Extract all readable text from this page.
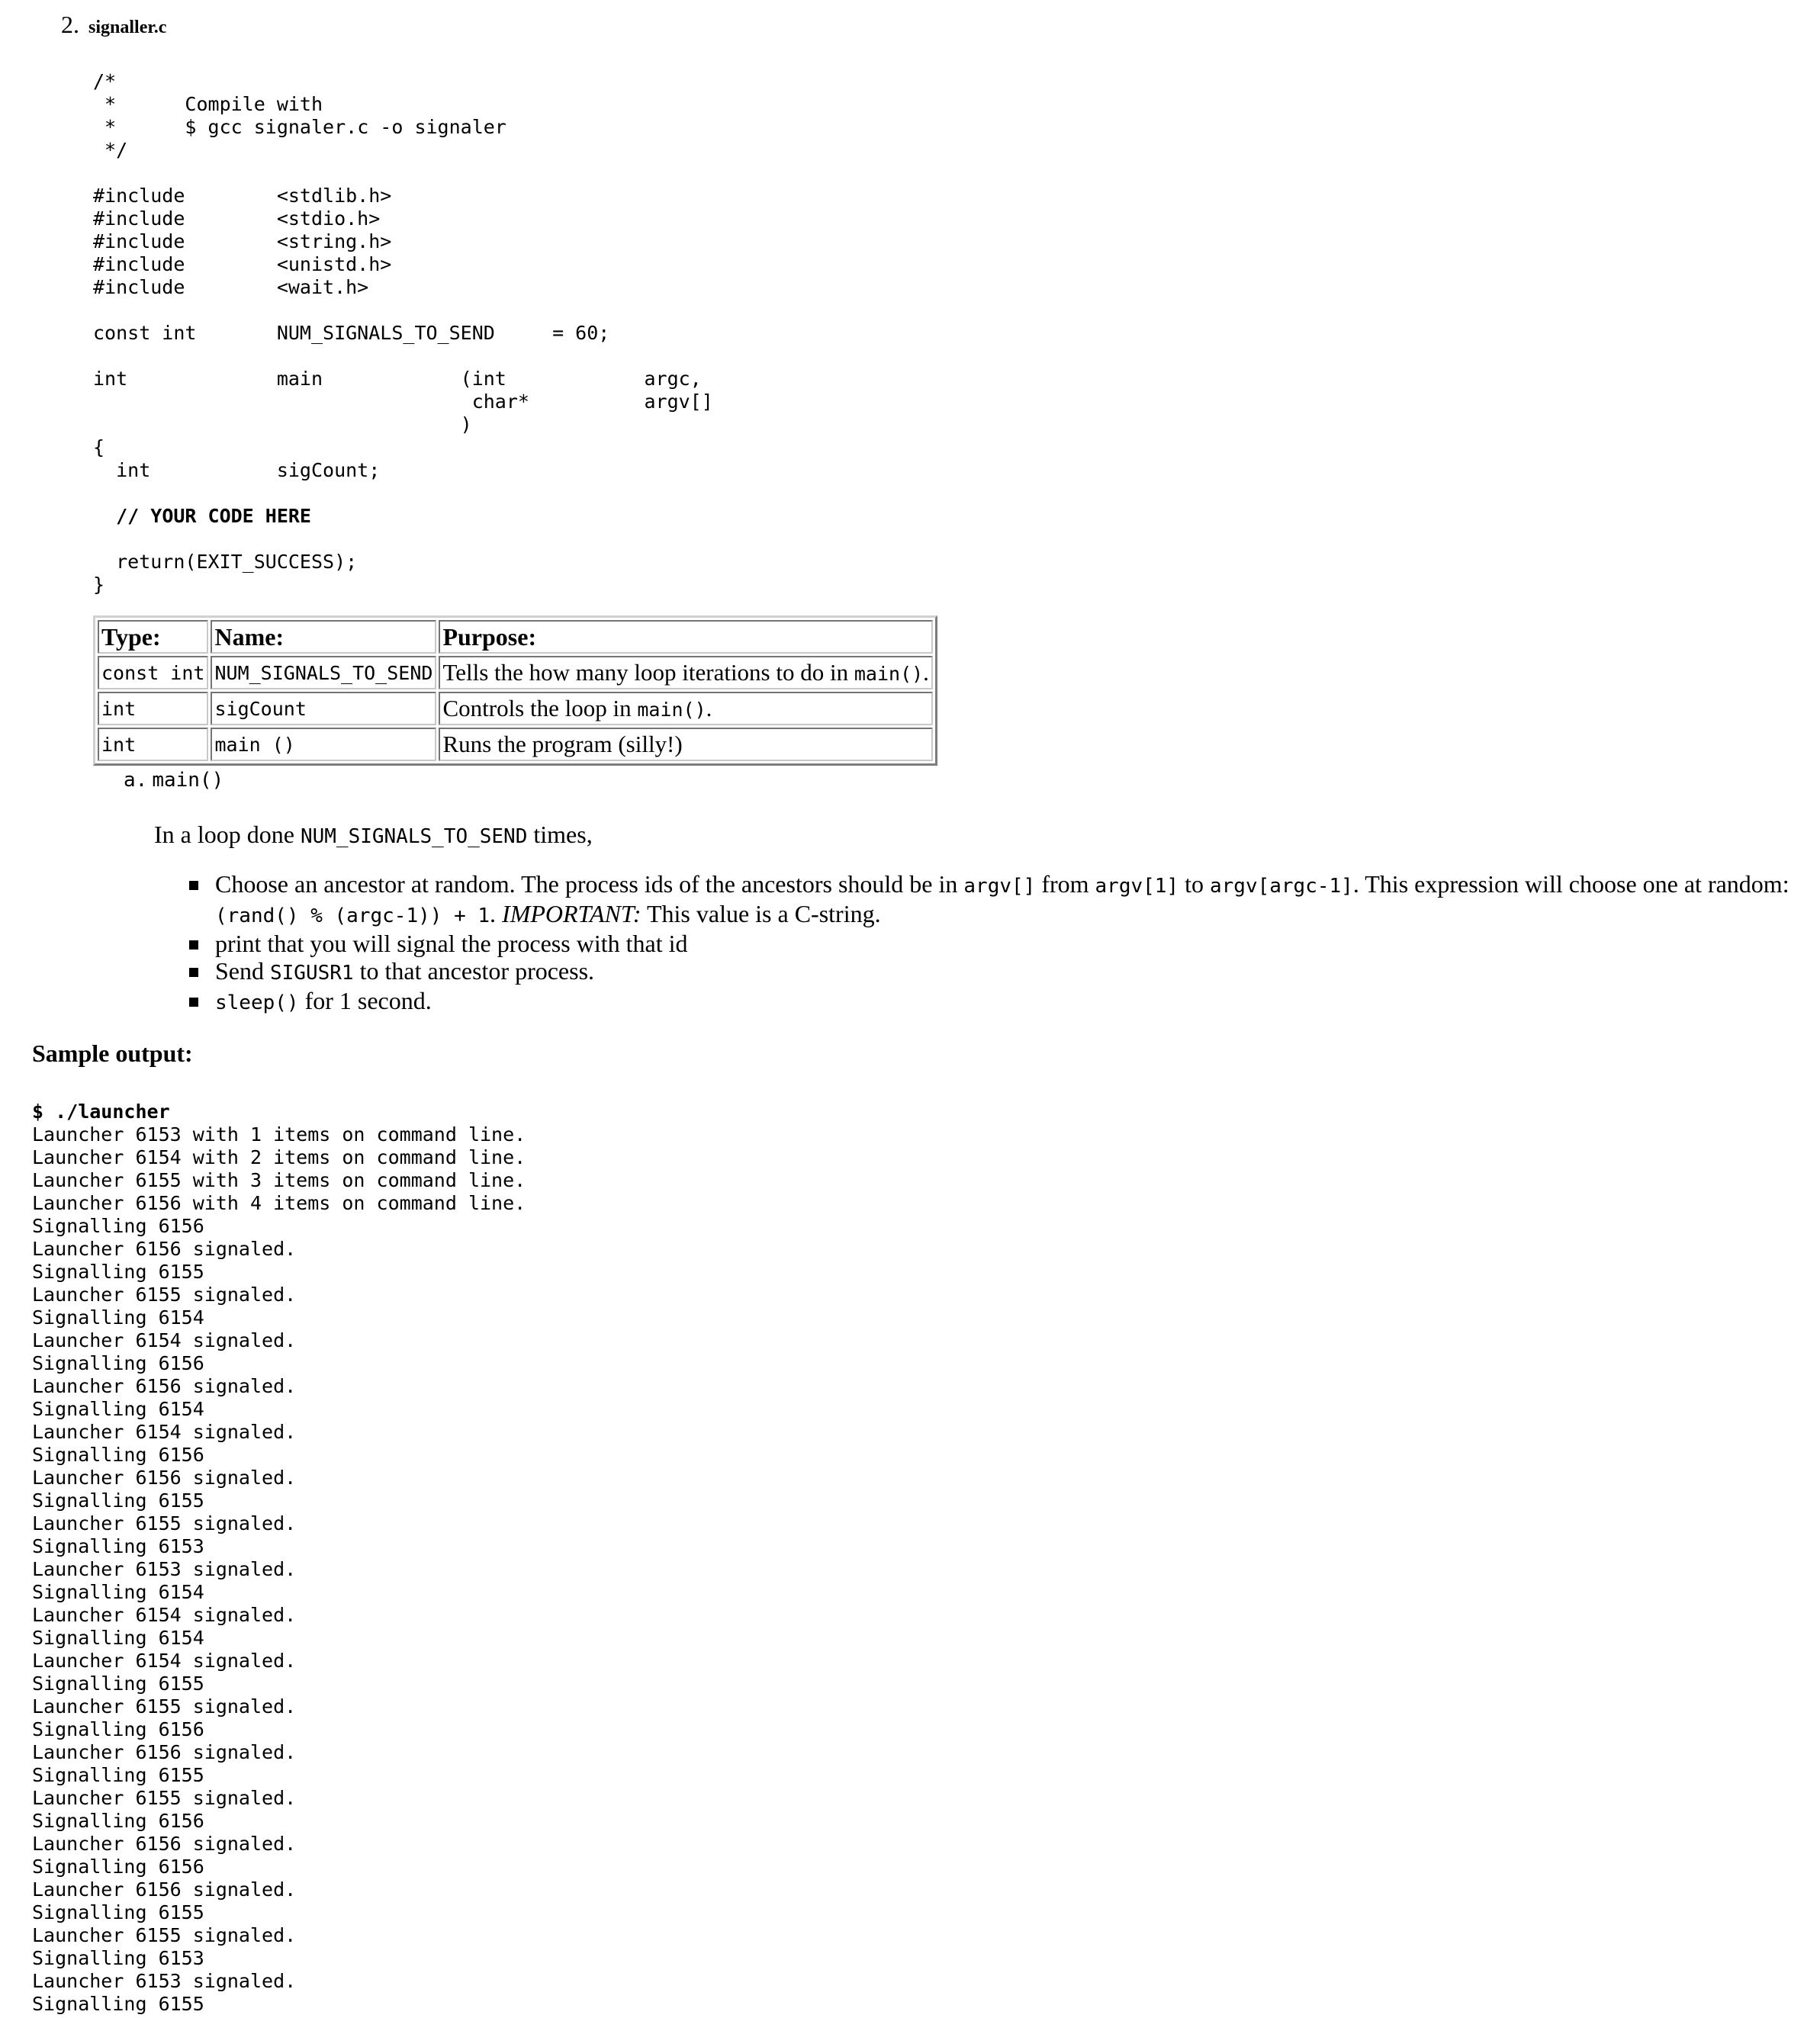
2. signaller.c
/*
*	Compile with
*	$ gcc signaler.c -o signaler
*/

#include	<stdlib.h>
#include	<stdio.h>
#include	<string.h>
#include	<unistd.h>
#include	<wait.h>

const int	NUM_SIGNALS_TO_SEND	= 60;

int		main		(int		argc,
				char*		argv[]
				)
{
int		sigCount;

// YOUR CODE HERE

return(EXIT_SUCCESS);
}
Type:	Name:	Purpose:
const int	NUM_SIGNALS_TO_SEND	Tells the how many loop iterations to do in main().
int	sigCount	Controls the loop in main().
int	main ()	Runs the program (silly!)
a. main()
In a loop done NUM_SIGNALS_TO_SEND times,
Choose an ancestor at random. The process ids of the ancestors should be in argv[] from argv[1] to argv[argc-1]. This expression will choose one at random: (rand() % (argc-1)) + 1. IMPORTANT: This value is a C-string.
print that you will signal the process with that id
Send SIGUSR1 to that ancestor process.
sleep() for 1 second.
Sample output:
$ ./launcher
Launcher 6153 with 1 items on command line.
Launcher 6154 with 2 items on command line.
Launcher 6155 with 3 items on command line.
Launcher 6156 with 4 items on command line.
Signalling 6156
Launcher 6156 signaled.
Signalling 6155
Launcher 6155 signaled.
Signalling 6154
Launcher 6154 signaled.
Signalling 6156
Launcher 6156 signaled.
Signalling 6154
Launcher 6154 signaled.
Signalling 6156
Launcher 6156 signaled.
Signalling 6155
Launcher 6155 signaled.
Signalling 6153
Launcher 6153 signaled.
Signalling 6154
Launcher 6154 signaled.
Signalling 6154
Launcher 6154 signaled.
Signalling 6155
Launcher 6155 signaled.
Signalling 6156
Launcher 6156 signaled.
Signalling 6155
Launcher 6155 signaled.
Signalling 6156
Launcher 6156 signaled.
Signalling 6156
Launcher 6156 signaled.
Signalling 6155
Launcher 6155 signaled.
Signalling 6153
Launcher 6153 signaled.
Signalling 6155
